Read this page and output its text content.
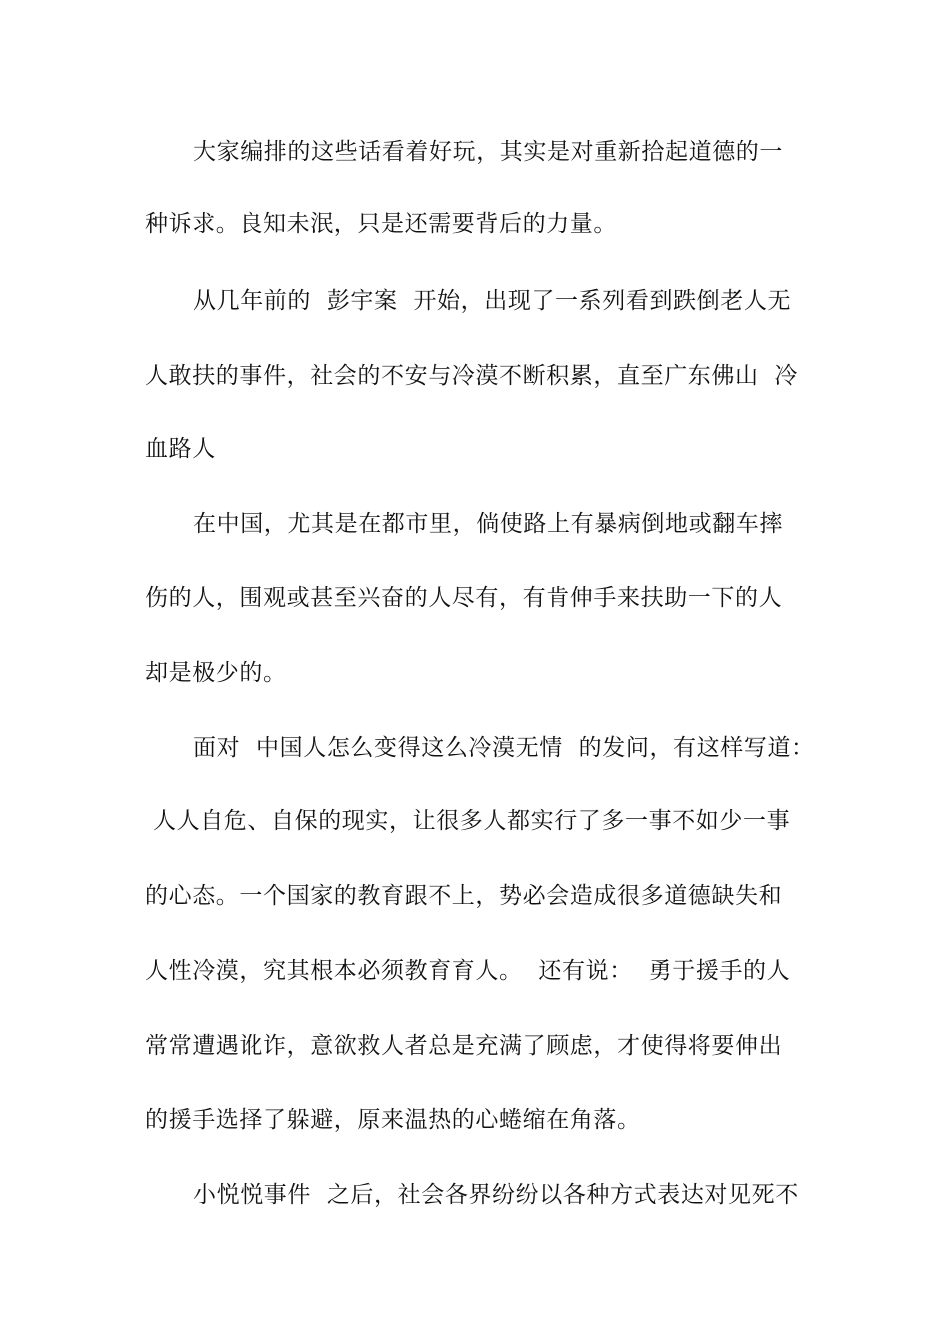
大家编排的这些话看着好玩，其实是对重新拾起道德的一
种诉求。良知未泯，只是还需要背后的力量。
从几年前的  彭宇案  开始，出现了一系列看到跌倒老人无
人敢扶的事件，社会的不安与冷漠不断积累，直至广东佛山  冷
血路人
在中国，尤其是在都市里，倘使路上有暴病倒地或翻车摔
伤的人，围观或甚至兴奋的人尽有，有肯伸手来扶助一下的人
却是极少的。
面对  中国人怎么变得这么冷漠无情  的发问，有这样写道：
人人自危、自保的现实，让很多人都实行了多一事不如少一事
的心态。一个国家的教育跟不上，势必会造成很多道德缺失和
人性冷漠，究其根本必须教育育人。  还有说：  勇于援手的人
常常遭遇讹诈，意欲救人者总是充满了顾虑，才使得将要伸出
的援手选择了躲避，原来温热的心蜷缩在角落。
小悦悦事件  之后，社会各界纷纷以各种方式表达对见死不
